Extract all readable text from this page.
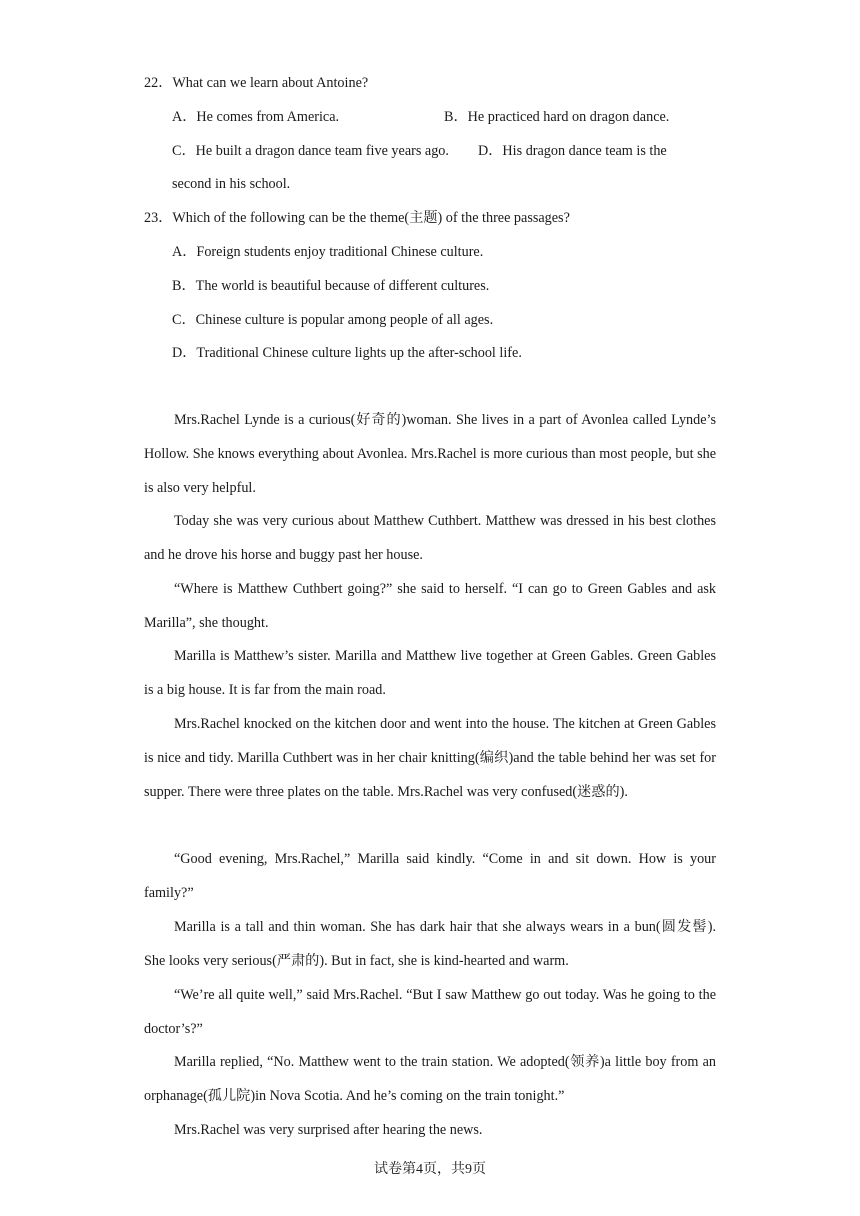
22．What can we learn about Antoine?
A．He comes from America.	B．He practiced hard on dragon dance.
C．He built a dragon dance team five years ago. D．His dragon dance team is the
second in his school.
23．Which of the following can be the theme(主题) of the three passages?
A．Foreign students enjoy traditional Chinese culture.
B．The world is beautiful because of different cultures.
C．Chinese culture is popular among people of all ages.
D．Traditional Chinese culture lights up the after-school life.

Mrs.Rachel Lynde is a curious(好奇的)woman. She lives in a part of Avonlea called Lynde’s Hollow. She knows everything about Avonlea. Mrs.Rachel is more curious than most people, but she is also very helpful.

Today she was very curious about Matthew Cuthbert. Matthew was dressed in his best clothes and he drove his horse and buggy past her house.

“Where is Matthew Cuthbert going?” she said to herself. “I can go to Green Gables and ask Marilla”, she thought.

Marilla is Matthew’s sister. Marilla and Matthew live together at Green Gables. Green Gables is a big house. It is far from the main road.

Mrs.Rachel knocked on the kitchen door and went into the house. The kitchen at Green Gables is nice and tidy. Marilla Cuthbert was in her chair knitting(编织)and the table behind her was set for supper. There were three plates on the table. Mrs.Rachel was very confused(迷惑的).

“Good evening, Mrs.Rachel,” Marilla said kindly. “Come in and sit down. How is your family?”

Marilla is a tall and thin woman. She has dark hair that she always wears in a bun(圆发髻). She looks very serious(严肃的). But in fact, she is kind-hearted and warm.

“We’re all quite well,” said Mrs.Rachel. “But I saw Matthew go out today. Was he going to the doctor’s?”

Marilla replied, “No. Matthew went to the train station. We adopted(领养)a little boy from an orphanage(孤儿院)in Nova Scotia. And he’s coming on the train tonight.”

Mrs.Rachel was very surprised after hearing the news.

试卷第4页，共9页
